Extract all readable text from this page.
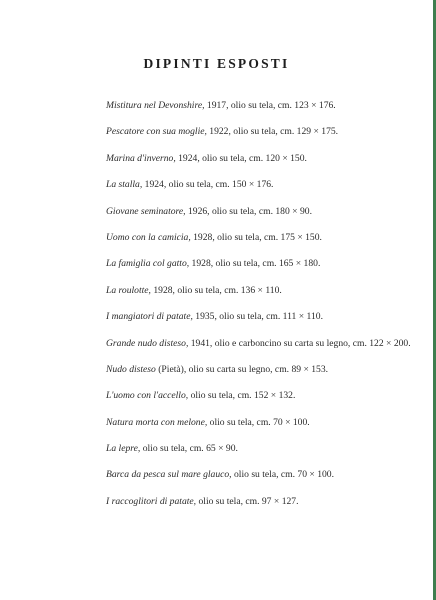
DIPINTI ESPOSTI
Mistitura nel Devonshire, 1917, olio su tela, cm. 123 × 176.
Pescatore con sua moglie, 1922, olio su tela, cm. 129 × 175.
Marina d'inverno, 1924, olio su tela, cm. 120 × 150.
La stalla, 1924, olio su tela, cm. 150 × 176.
Giovane seminatore, 1926, olio su tela, cm. 180 × 90.
Uomo con la camicia, 1928, olio su tela, cm. 175 × 150.
La famiglia col gatto, 1928, olio su tela, cm. 165 × 180.
La roulotte, 1928, olio su tela, cm. 136 × 110.
I mangiatori di patate, 1935, olio su tela, cm. 111 × 110.
Grande nudo disteso, 1941, olio e carboncino su carta su legno, cm. 122 × 200.
Nudo disteso (Pietà), olio su carta su legno, cm. 89 × 153.
L'uomo con l'accello, olio su tela, cm. 152 × 132.
Natura morta con melone, olio su tela, cm. 70 × 100.
La lepre, olio su tela, cm. 65 × 90.
Barca da pesca sul mare glauco, olio su tela, cm. 70 × 100.
I raccoglitori di patate, olio su tela, cm. 97 × 127.
